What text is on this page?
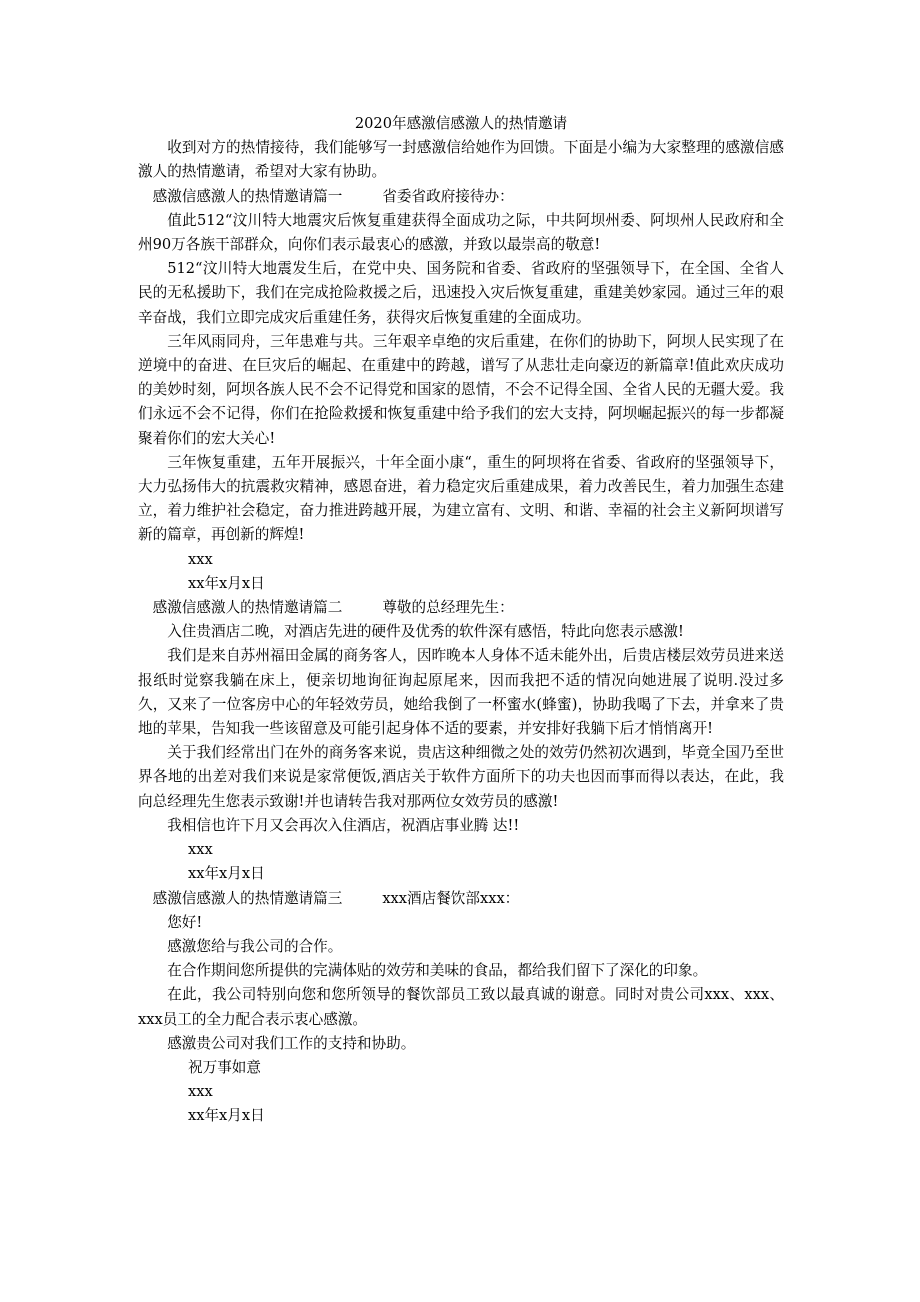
2020年感激信感激人的热情邀请

收到对方的热情接待，我们能够写一封感激信给她作为回馈。下面是小编为大家整理的感激信感激人的热情邀请，希望对大家有协助。

感激信感激人的热情邀请篇一	省委省政府接待办：

值此512“汶川特大地震灾后恢复重建获得全面成功之际，中共阿坝州委、阿坝州人民政府和全州90万各族干部群众，向你们表示最衷心的感激，并致以最崇高的敬意!

512“汶川特大地震发生后，在党中央、国务院和省委、省政府的坚强领导下，在全国、全省人民的无私援助下，我们在完成抢险救援之后，迅速投入灾后恢复重建，重建美妙家园。通过三年的艰辛奋战，我们立即完成灾后重建任务，获得灾后恢复重建的全面成功。

三年风雨同舟，三年患难与共。三年艰辛卓绝的灾后重建，在你们的协助下，阿坝人民实现了在逆境中的奋进、在巨灾后的崛起、在重建中的跨越，谱写了从悲壮走向豪迈的新篇章!值此欢庆成功的美妙时刻，阿坝各族人民不会不记得党和国家的恩情，不会不记得全国、全省人民的无疆大爱。我们永远不会不记得，你们在抢险救援和恢复重建中给予我们的宏大支持，阿坝崛起振兴的每一步都凝聚着你们的宏大关心!

三年恢复重建，五年开展振兴，十年全面小康“，重生的阿坝将在省委、省政府的坚强领导下，大力弘扬伟大的抗震救灾精神，感恩奋进，着力稳定灾后重建成果，着力改善民生，着力加强生态建立，着力维护社会稳定，奋力推进跨越开展，为建立富有、文明、和谐、幸福的社会主义新阿坝谱写新的篇章，再创新的辉煌!

xxx

xx年x月x日

感激信感激人的热情邀请篇二	尊敬的总经理先生：

入住贵酒店二晚，对酒店先进的硬件及优秀的软件深有感悟，特此向您表示感激!

我们是来自苏州福田金属的商务客人，因昨晚本人身体不适未能外出，后贵店楼层效劳员进来送报纸时觉察我躺在床上，便亲切地询征询起原尾来，因而我把不适的情况向她进展了说明.没过多久，又来了一位客房中心的年轻效劳员，她给我倒了一杯蜜水(蜂蜜)，协助我喝了下去，并拿来了贵地的苹果，告知我一些该留意及可能引起身体不适的要素，并安排好我躺下后才悄悄离开!

关于我们经常出门在外的商务客来说，贵店这种细微之处的效劳仍然初次遇到，毕竟全国乃至世界各地的出差对我们来说是家常便饭,酒店关于软件方面所下的功夫也因而事而得以表达，在此，我向总经理先生您表示致谢!并也请转告我对那两位女效劳员的感激!

我相信也许下月又会再次入住酒店，祝酒店事业腾 达!!

xxx

xx年x月x日

感激信感激人的热情邀请篇三	xxx酒店餐饮部xxx：

您好!

感激您给与我公司的合作。

在合作期间您所提供的完满体贴的效劳和美味的食品，都给我们留下了深化的印象。

在此，我公司特别向您和您所领导的餐饮部员工致以最真诚的谢意。同时对贵公司xxx、xxx、xxx员工的全力配合表示衷心感激。

感激贵公司对我们工作的支持和协助。

祝万事如意

xxx

xx年x月x日
